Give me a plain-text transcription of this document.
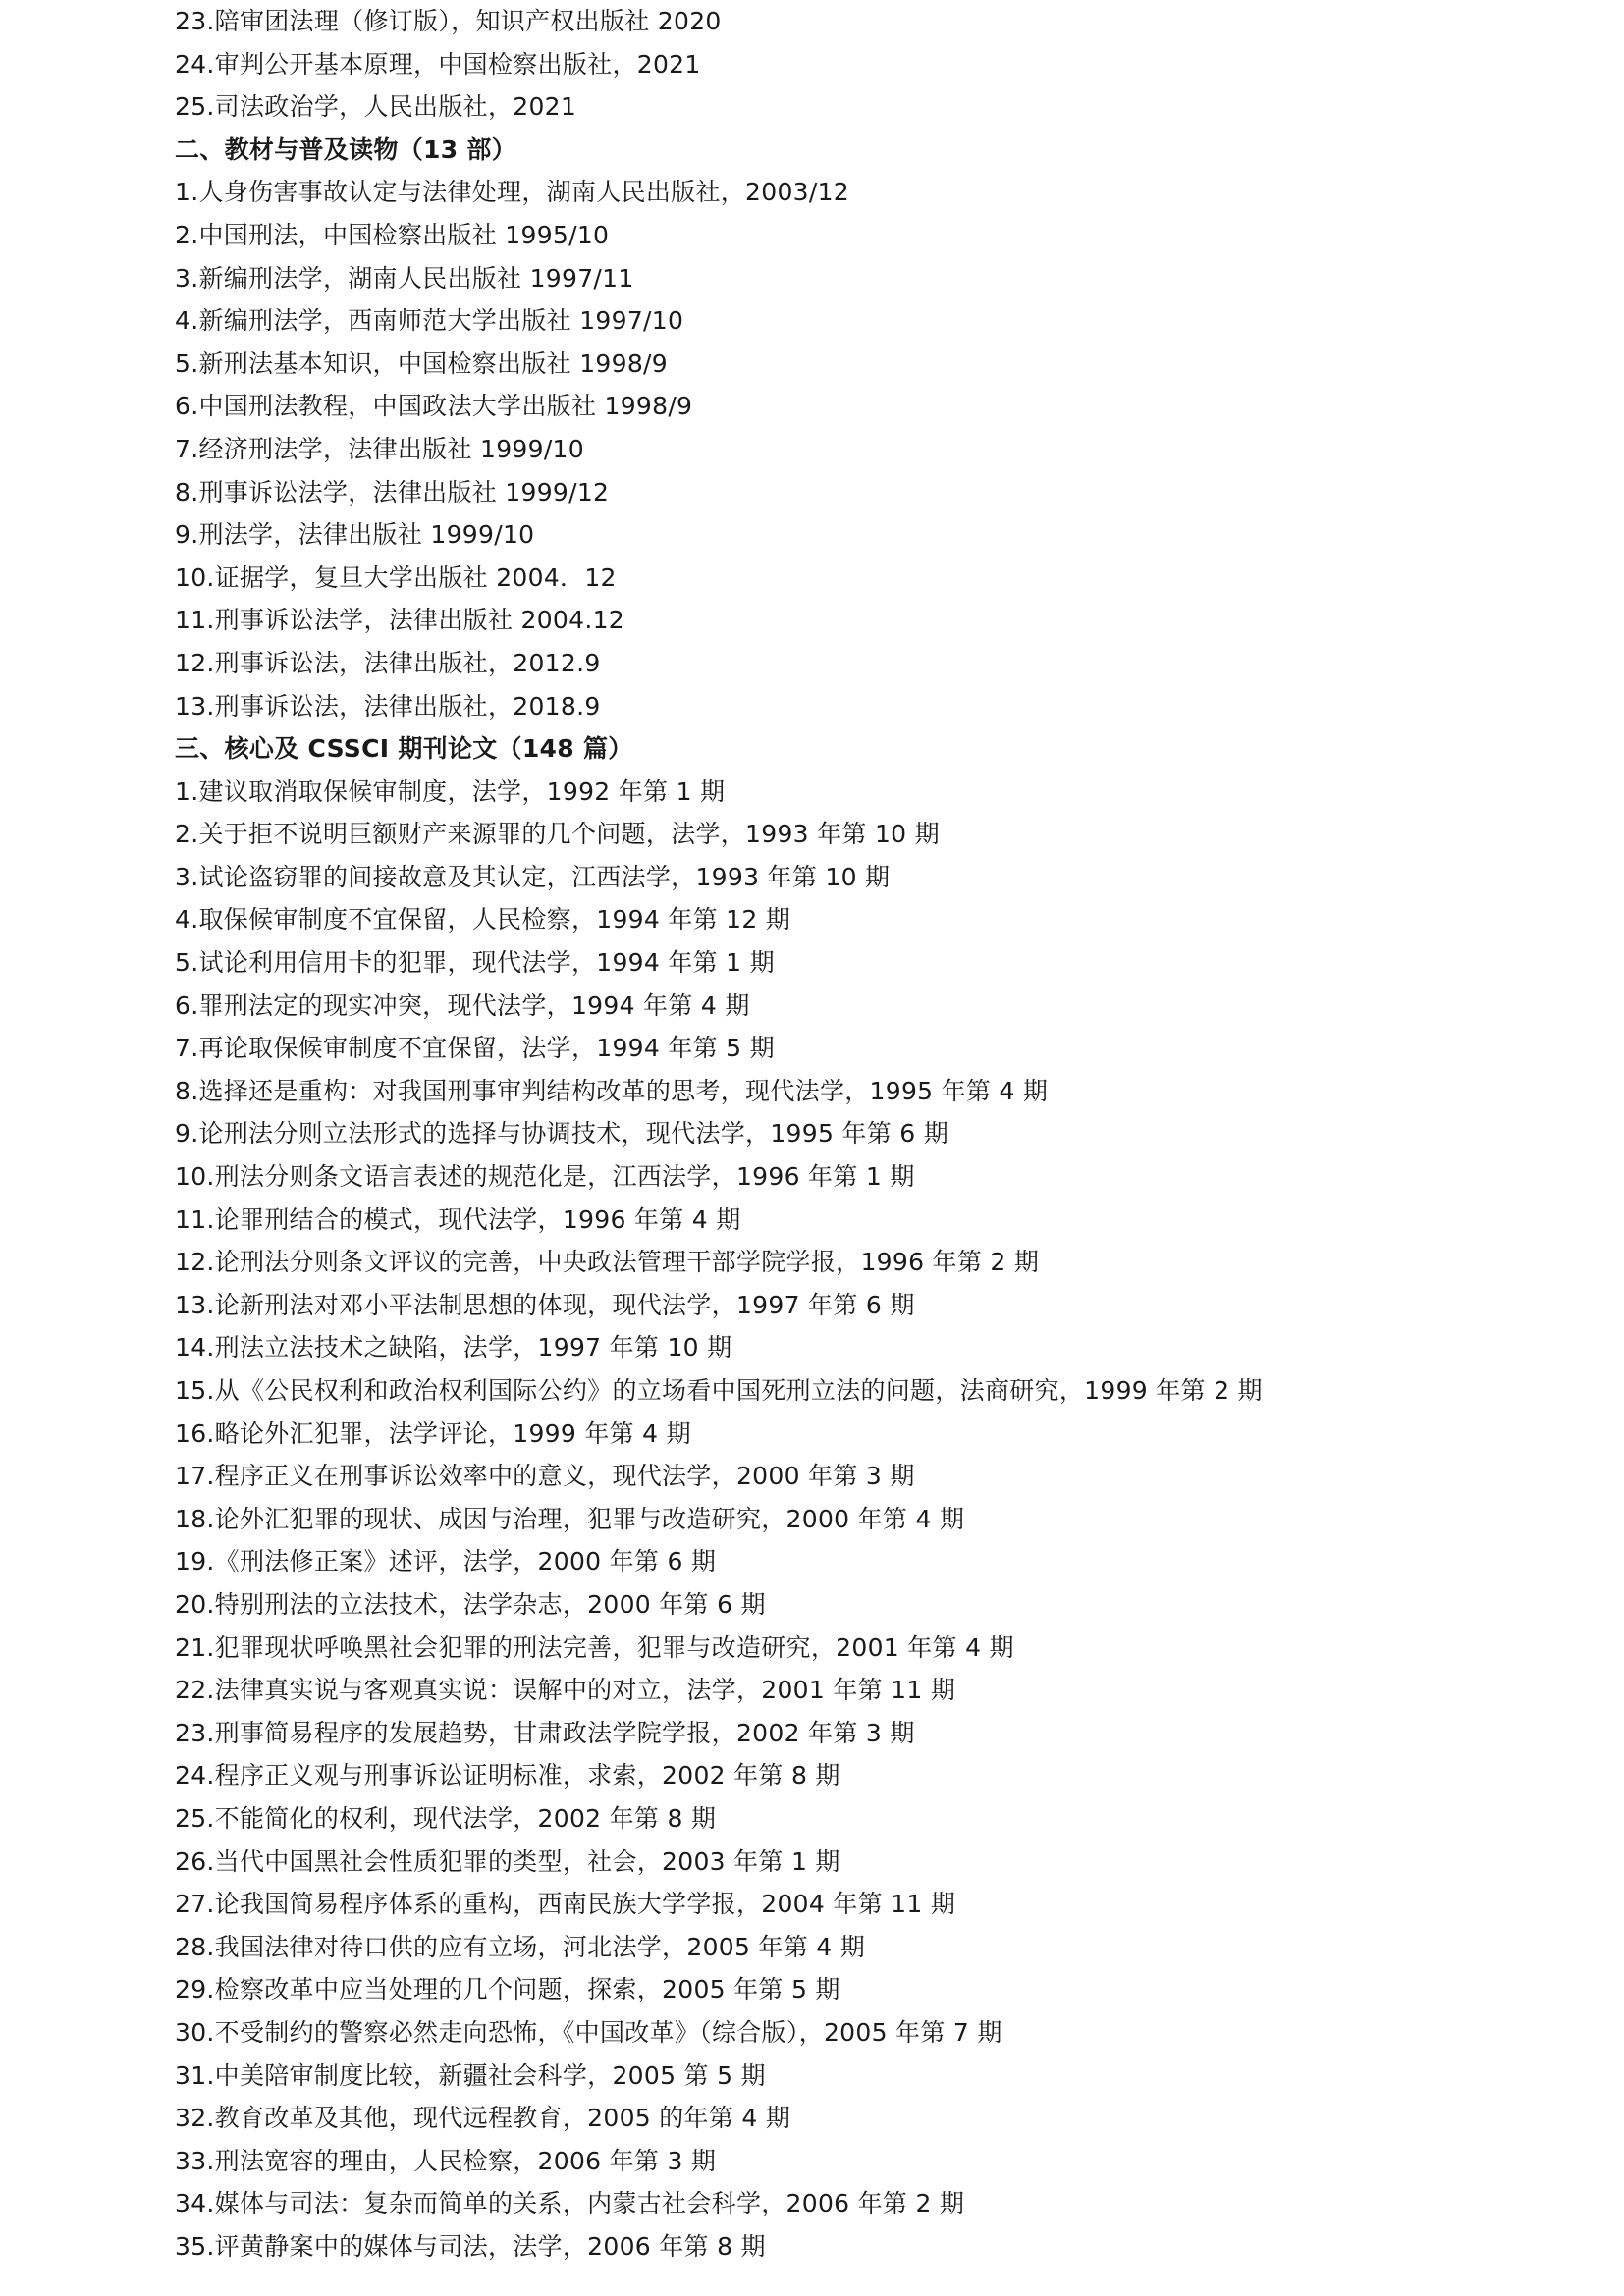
23.陪审团法理（修订版），知识产权出版社 2020
24.审判公开基本原理，中国检察出版社，2021
25.司法政治学，人民出版社，2021
二、教材与普及读物（13 部）
1.人身伤害事故认定与法律处理，湖南人民出版社，2003/12
2.中国刑法，中国检察出版社 1995/10
3.新编刑法学，湖南人民出版社 1997/11
4.新编刑法学，西南师范大学出版社 1997/10
5.新刑法基本知识，中国检察出版社 1998/9
6.中国刑法教程，中国政法大学出版社 1998/9
7.经济刑法学，法律出版社 1999/10
8.刑事诉讼法学，法律出版社 1999/12
9.刑法学，法律出版社 1999/10
10.证据学，复旦大学出版社 2004．12
11.刑事诉讼法学，法律出版社 2004.12
12.刑事诉讼法，法律出版社，2012.9
13.刑事诉讼法，法律出版社，2018.9
三、核心及 CSSCI 期刊论文（148 篇）
1.建议取消取保候审制度，法学，1992 年第 1 期
2.关于拒不说明巨额财产来源罪的几个问题，法学，1993 年第 10 期
3.试论盗窃罪的间接故意及其认定，江西法学，1993 年第 10 期
4.取保候审制度不宜保留，人民检察，1994 年第 12 期
5.试论利用信用卡的犯罪，现代法学，1994 年第 1 期
6.罪刑法定的现实冲突，现代法学，1994 年第 4 期
7.再论取保候审制度不宜保留，法学，1994 年第 5 期
8.选择还是重构：对我国刑事审判结构改革的思考，现代法学，1995 年第 4 期
9.论刑法分则立法形式的选择与协调技术，现代法学，1995 年第 6 期
10.刑法分则条文语言表述的规范化是，江西法学，1996 年第 1 期
11.论罪刑结合的模式，现代法学，1996 年第 4 期
12.论刑法分则条文评议的完善，中央政法管理干部学院学报，1996 年第 2 期
13.论新刑法对邓小平法制思想的体现，现代法学，1997 年第 6 期
14.刑法立法技术之缺陷，法学，1997 年第 10 期
15.从《公民权利和政治权利国际公约》的立场看中国死刑立法的问题，法商研究，1999 年第 2 期
16.略论外汇犯罪，法学评论，1999 年第 4 期
17.程序正义在刑事诉讼效率中的意义，现代法学，2000 年第 3 期
18.论外汇犯罪的现状、成因与治理，犯罪与改造研究，2000 年第 4 期
19.《刑法修正案》述评，法学，2000 年第 6 期
20.特别刑法的立法技术，法学杂志，2000 年第 6 期
21.犯罪现状呼唤黑社会犯罪的刑法完善，犯罪与改造研究，2001 年第 4 期
22.法律真实说与客观真实说：误解中的对立，法学，2001 年第 11 期
23.刑事简易程序的发展趋势，甘肃政法学院学报，2002 年第 3 期
24.程序正义观与刑事诉讼证明标准，求索，2002 年第 8 期
25.不能简化的权利，现代法学，2002 年第 8 期
26.当代中国黑社会性质犯罪的类型，社会，2003 年第 1 期
27.论我国简易程序体系的重构，西南民族大学学报，2004 年第 11 期
28.我国法律对待口供的应有立场，河北法学，2005 年第 4 期
29.检察改革中应当处理的几个问题，探索，2005 年第 5 期
30.不受制约的警察必然走向恐怖，《中国改革》（综合版），2005 年第 7 期
31.中美陪审制度比较，新疆社会科学，2005 第 5 期
32.教育改革及其他，现代远程教育，2005 的年第 4 期
33.刑法宽容的理由，人民检察，2006 年第 3 期
34.媒体与司法：复杂而简单的关系，内蒙古社会科学，2006 年第 2 期
35.评黄静案中的媒体与司法，法学，2006 年第 8 期
